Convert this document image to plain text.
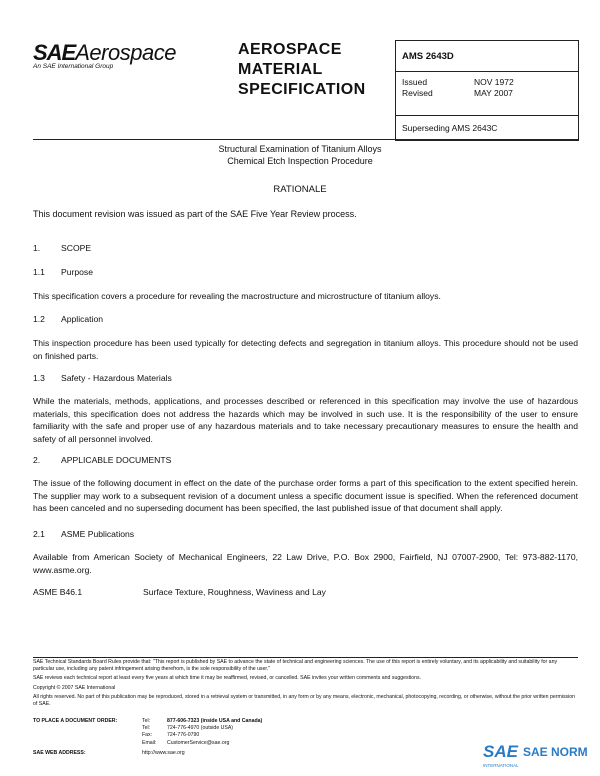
SAEAerospace
An SAE International Group
AEROSPACE
MATERIAL
SPECIFICATION
AMS 2643D
Issued	NOV 1972
Revised	MAY 2007
Superseding AMS 2643C
Structural Examination of Titanium Alloys
Chemical Etch Inspection Procedure
RATIONALE
This document revision was issued as part of the SAE Five Year Review process.
1. SCOPE
1.1 Purpose
This specification covers a procedure for revealing the macrostructure and microstructure of titanium alloys.
1.2 Application
This inspection procedure has been used typically for detecting defects and segregation in titanium alloys. This procedure should not be used on finished parts.
1.3 Safety - Hazardous Materials
While the materials, methods, applications, and processes described or referenced in this specification may involve the use of hazardous materials, this specification does not address the hazards which may be involved in such use. It is the responsibility of the user to ensure familiarity with the safe and proper use of any hazardous materials and to take necessary precautionary measures to ensure the health and safety of all personnel involved.
2. APPLICABLE DOCUMENTS
The issue of the following document in effect on the date of the purchase order forms a part of this specification to the extent specified herein. The supplier may work to a subsequent revision of a document unless a specific document issue is specified. When the referenced document has been canceled and no superseding document has been specified, the last published issue of that document shall apply.
2.1 ASME Publications
Available from American Society of Mechanical Engineers, 22 Law Drive, P.O. Box 2900, Fairfield, NJ 07007-2900, Tel: 973-882-1170, www.asme.org.
ASME B46.1	Surface Texture, Roughness, Waviness and Lay
SAE Technical Standards Board Rules provide that: "This report is published by SAE to advance the state of technical and engineering sciences. The use of this report is entirely voluntary, and its applicability and suitability for any particular use, including any patent infringement arising therefrom, is the sole responsibility of the user."
SAE reviews each technical report at least every five years at which time it may be reaffirmed, revised, or cancelled. SAE invites your written comments and suggestions.
Copyright © 2007 SAE International
All rights reserved. No part of this publication may be reproduced, stored in a retrieval system or transmitted, in any form or by any means, electronic, mechanical, photocopying, recording, or otherwise, without the prior written permission of SAE.
TO PLACE A DOCUMENT ORDER:	Tel:	877-606-7323 (inside USA and Canada)
Tel:	724-776-4970 (outside USA)
Fax:	724-776-0790
Email: CustomerService@sae.org
SAE WEB ADDRESS:	http://www.sae.org	SAE SAE NORM
INTERNATIONAL
